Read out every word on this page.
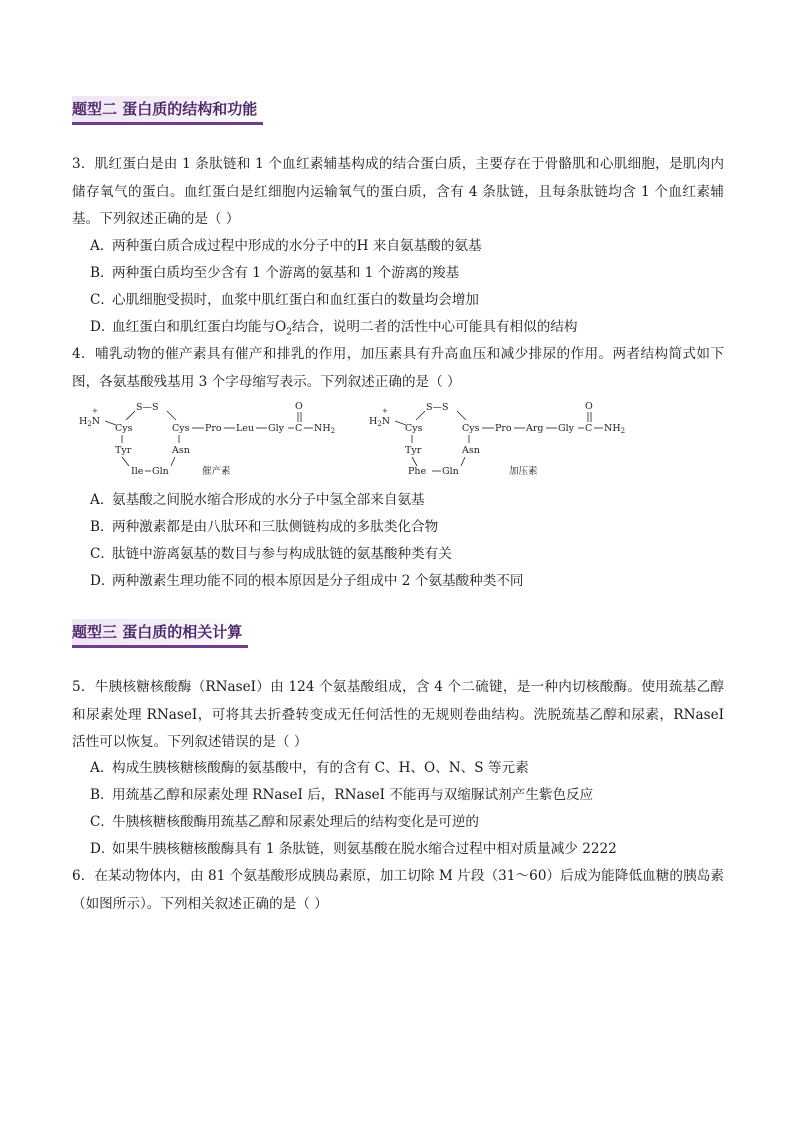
题型二 蛋白质的结构和功能
3．肌红蛋白是由 1 条肽链和 1 个血红素辅基构成的结合蛋白质，主要存在于骨骼肌和心肌细胞，是肌肉内储存氧气的蛋白。血红蛋白是红细胞内运输氧气的蛋白质，含有 4 条肽链，且每条肽链均含 1 个血红素辅基。下列叙述正确的是（ ）
A．两种蛋白质合成过程中形成的水分子中的H 来自氨基酸的氨基
B．两种蛋白质均至少含有 1 个游离的氨基和 1 个游离的羧基
C．心肌细胞受损时，血浆中肌红蛋白和血红蛋白的数量均会增加
D．血红蛋白和肌红蛋白均能与$O_2$结合，说明二者的活性中心可能具有相似的结构
4．哺乳动物的催产素具有催产和排乳的作用，加压素具有升高血压和减少排尿的作用。两者结构简式如下图，各氨基酸残基用 3 个字母缩写表示。下列叙述正确的是（ ）
$H_2N$
+
Cys
S—S
Cys Pro Leu Gly C
O
$NH_2$
Tyr
Ile Gln
Asn
催产素
$H_2N$
+
Cys
S—S
Cys Pro Arg Gly C
O
$NH_2$
Tyr
Phe Gln
Asn
加压素
A．氨基酸之间脱水缩合形成的水分子中氢全部来自氨基
B．两种激素都是由八肽环和三肽侧链构成的多肽类化合物
C．肽链中游离氨基的数目与参与构成肽链的氨基酸种类有关
D．两种激素生理功能不同的根本原因是分子组成中 2 个氨基酸种类不同
题型三 蛋白质的相关计算
5．牛胰核糖核酸酶（RNaseI）由 124 个氨基酸组成，含 4 个二硫键，是一种内切核酸酶。使用巯基乙醇和尿素处理 RNaseI，可将其去折叠转变成无任何活性的无规则卷曲结构。洗脱巯基乙醇和尿素，RNaseI 活性可以恢复。下列叙述错误的是（ ）
A．构成生胰核糖核酸酶的氨基酸中，有的含有 C、H、O、N、S 等元素
B．用巯基乙醇和尿素处理 RNaseI 后，RNaseI 不能再与双缩脲试剂产生紫色反应
C．牛胰核糖核酸酶用巯基乙醇和尿素处理后的结构变化是可逆的
D．如果牛胰核糖核酸酶具有 1 条肽链，则氨基酸在脱水缩合过程中相对质量减少 2222
6．在某动物体内，由 81 个氨基酸形成胰岛素原，加工切除 M 片段（31～60）后成为能降低血糖的胰岛素（如图所示）。下列相关叙述正确的是（ ）
